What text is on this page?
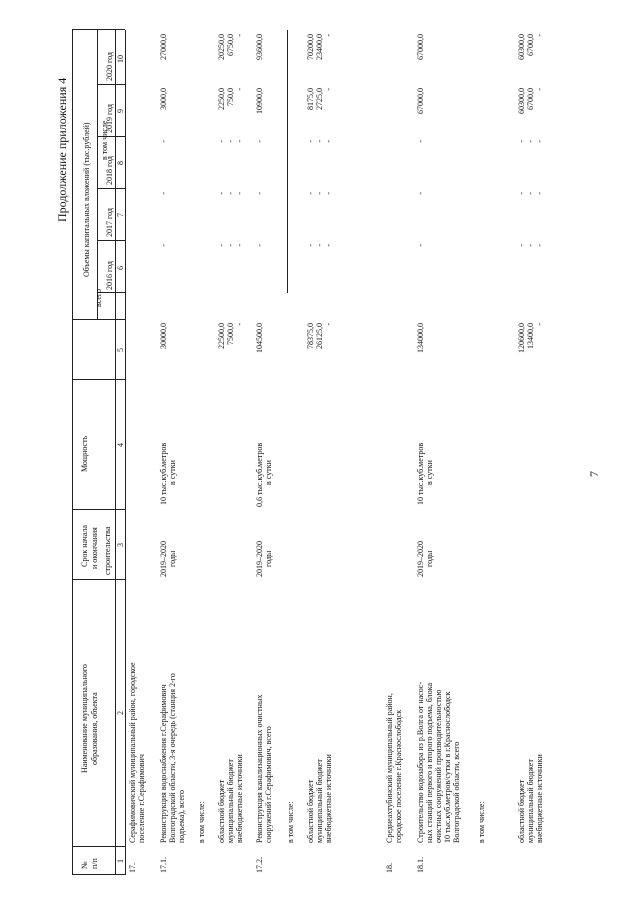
7
Продолжение приложения 4
№ п/п
Наименование муниципального образования, объекта
Срок начала и окончания строительства
Мощность
Объемы капитальных вложений (тыс.рублей)
всего
в том числе
2016 год
2017 год
2018 год
2019 год
2020 год
1
2
3
4
5
6
7
8
9
10
17.
Серафимовичский муниципальный район, городское поселение г.Серафимович
17.1.
Реконструкция водоснабжения г.Серафимович Волгоградской области, 3-я очередь (станция 2-го подъема), всего
2019–2020 годы
10 тыс.куб.метров в сутки
30000,0
-
-
-
3000,0
27000,0
в том числе: областной бюджет
22500,0
-
-
-
2250,0
20250,0
муниципальный бюджет
7500,0
-
-
-
750,0
6750,0
внебюджетные источники
-
-
-
-
-
-
17.2.
Реконструкция канализационных очистных сооружений г.Серафимович, всего
2019–2020 годы
0,6 тыс.куб.метров в сутки
104500,0
-
-
-
10900,0
93600,0
в том числе: областной бюджет
78375,0
-
-
-
8175,0
70200,0
муниципальный бюджет
26125,0
-
-
-
2725,0
23400,0
внебюджетные источники
-
-
-
-
-
-
18.
Среднеахтубинский муниципальный район, городское поселение г.Краснослободск
18.1.
Строительство водозабора из р.Волга от насос- ных станций первого и второго подъема, блока очистных сооружений производительностью 10 тыс.куб.метров/сутки в г.Краснослободск Волгоградской области, всего
2019–2020 годы
10 тыс.куб.метров в сутки
134000,0
-
-
-
67000,0
67000,0
в том числе:	областной бюджет
120600,0
-
-
-
60300,0
60300,0
муниципальный бюджет
13400,0
-
-
-
6700,0
6700,0
внебюджетные источники
-
-
-
-
-
-
